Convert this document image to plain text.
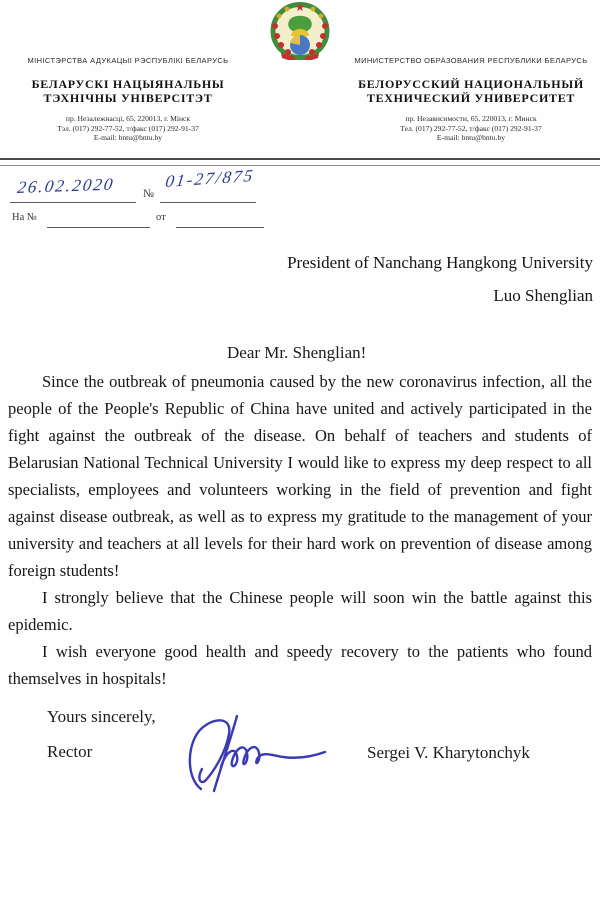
МІНІСТЭРСТВА АДУКАЦЫІ РЭСПУБЛІКІ БЕЛАРУСЬ
БЕЛАРУСКІ НАЦЫЯНАЛЬНЫ
ТЭХНІЧНЫ УНІВЕРСІТЭТ
пр. Незалежнасці, 65, 220013, г. Мінск
Тэл. (017) 292-77-52, т/факс (017) 292-91-37
E-mail: bntu@bntu.by
МИНИСТЕРСТВО ОБРАЗОВАНИЯ РЕСПУБЛИКИ БЕЛАРУСЬ
БЕЛОРУССКИЙ НАЦИОНАЛЬНЫЙ
ТЕХНИЧЕСКИЙ УНИВЕРСИТЕТ
пр. Независимости, 65, 220013, г. Минск
Тел. (017) 292-77-52, т/факс (017) 292-91-37
E-mail: bntu@bntu.by
26.02.2020 №
01-27/875
На №	от
President of Nanchang Hangkong University
Luo Shenglian
Dear Mr. Shenglian!

Since the outbreak of pneumonia caused by the new coronavirus infection, all the people of the People's Republic of China have united and actively participated in the fight against the outbreak of the disease. On behalf of teachers and students of Belarusian National Technical University I would like to express my deep respect to all specialists, employees and volunteers working in the field of prevention and fight against disease outbreak, as well as to express my gratitude to the management of your university and teachers at all levels for their hard work on prevention of disease among foreign students!

I strongly believe that the Chinese people will soon win the battle against this epidemic.

I wish everyone good health and speedy recovery to the patients who found themselves in hospitals!

Yours sincerely,
Rector	Sergei V. Kharytonchyk
